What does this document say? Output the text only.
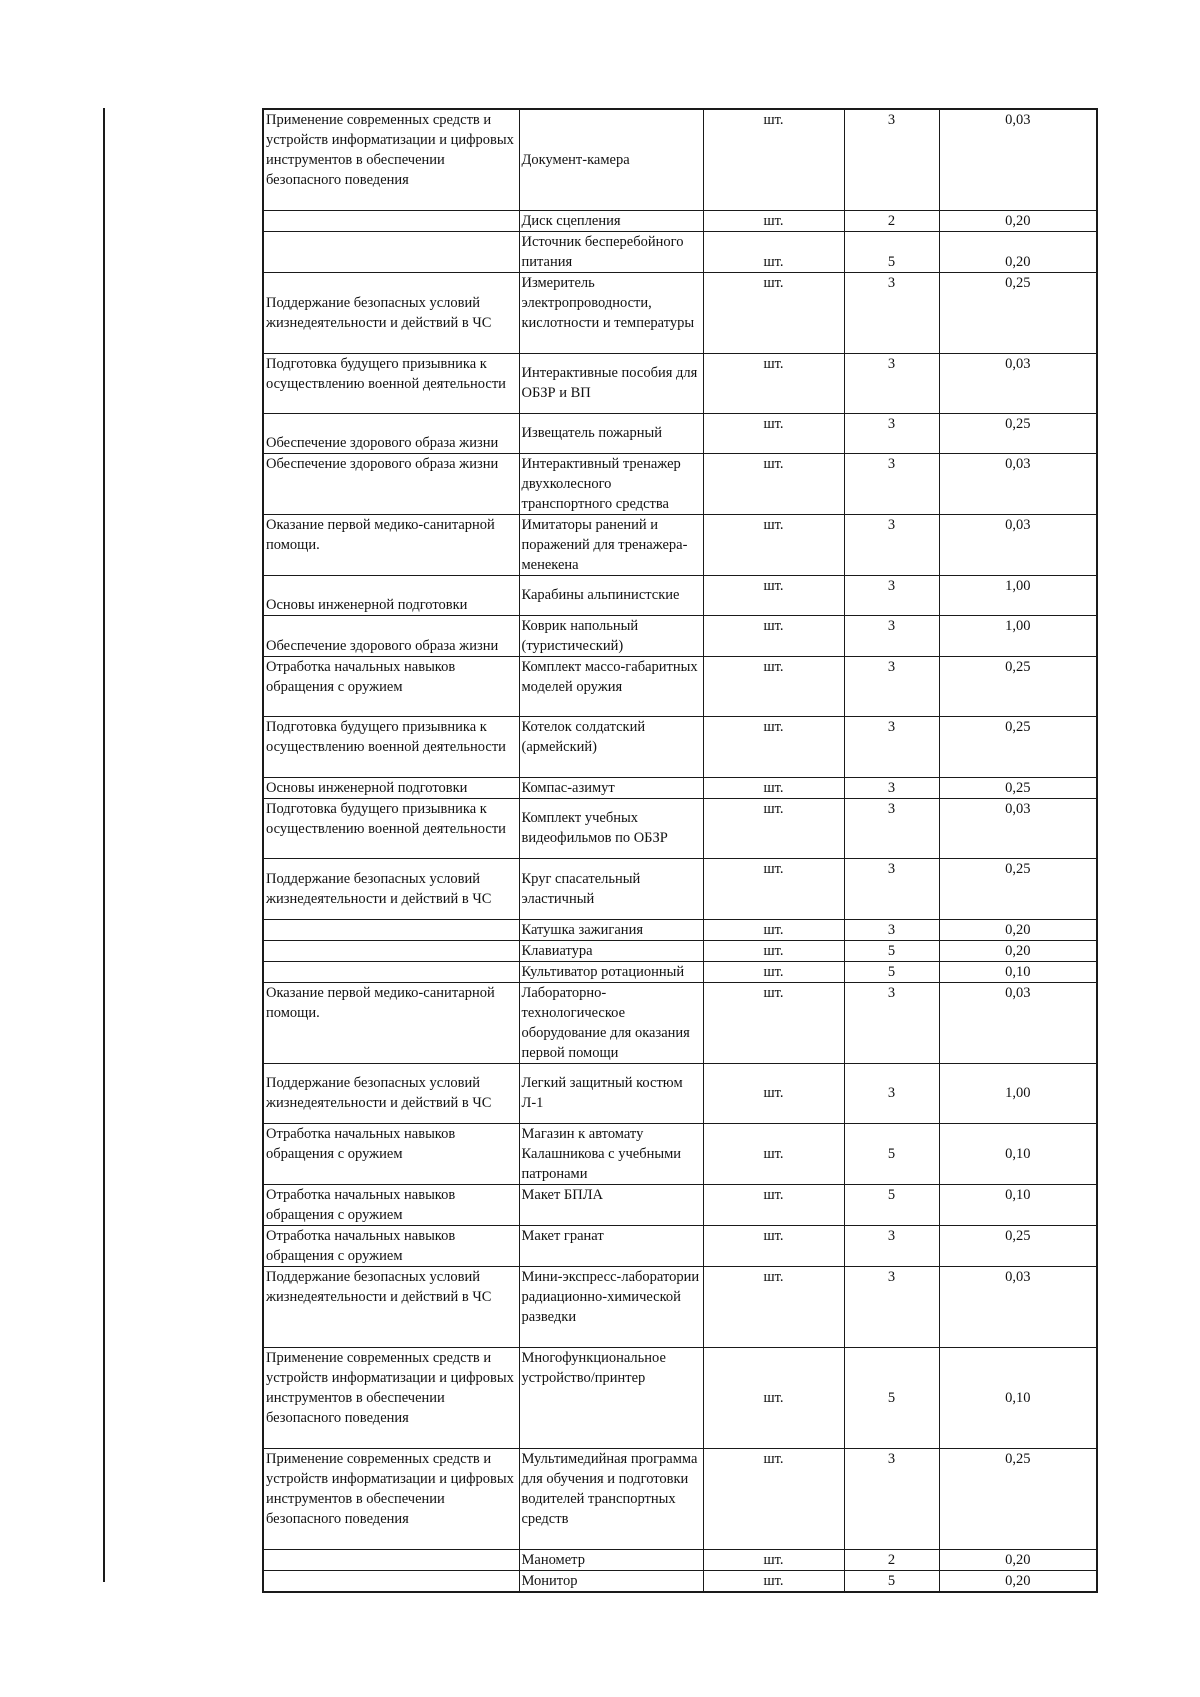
Применение современных средств и устройств информатизации и цифровых инструментов в обеспечении безопасного поведения	Документ-камера	шт.	3	0,03
	Диск сцепления	шт.	2	0,20
	Источник бесперебойного питания	шт.	5	0,20
Поддержание безопасных условий жизнедеятельности и действий в ЧС	Измеритель электропроводности, кислотности и температуры	шт.	3	0,25
Подготовка будущего призывника к осуществлению военной деятельности	Интерактивные пособия для ОБЗР и ВП	шт.	3	0,03
Обеспечение здорового образа жизни	Извещатель пожарный	шт.	3	0,25
Обеспечение здорового образа жизни	Интерактивный тренажер двухколесного транспортного средства	шт.	3	0,03
Оказание первой медико-санитарной помощи.	Имитаторы ранений и поражений для тренажера-менекена	шт.	3	0,03
Основы инженерной подготовки	Карабины альпинистские	шт.	3	1,00
Обеспечение здорового образа жизни	Коврик напольный (туристический)	шт.	3	1,00
Отработка начальных навыков обращения с оружием	Комплект массо-габаритных моделей оружия	шт.	3	0,25
Подготовка будущего призывника к осуществлению военной деятельности	Котелок солдатский (армейский)	шт.	3	0,25
Основы инженерной подготовки	Компас-азимут	шт.	3	0,25
Подготовка будущего призывника к осуществлению военной деятельности	Комплект учебных видеофильмов по ОБЗР	шт.	3	0,03
Поддержание безопасных условий жизнедеятельности и действий в ЧС	Круг спасательный эластичный	шт.	3	0,25
	Катушка зажигания	шт.	3	0,20
	Клавиатура	шт.	5	0,20
	Культиватор ротационный	шт.	5	0,10
Оказание первой медико-санитарной помощи.	Лабораторно-технологическое оборудование для оказания первой помощи	шт.	3	0,03
Поддержание безопасных условий жизнедеятельности и действий в ЧС	Легкий защитный костюм Л-1	шт.	3	1,00
Отработка начальных навыков обращения с оружием	Магазин к автомату Калашникова с учебными патронами	шт.	5	0,10
Отработка начальных навыков обращения с оружием	Макет БПЛА	шт.	5	0,10
Отработка начальных навыков обращения с оружием	Макет гранат	шт.	3	0,25
Поддержание безопасных условий жизнедеятельности и действий в ЧС	Мини-экспресс-лаборатории радиационно-химической разведки	шт.	3	0,03
Применение современных средств и устройств информатизации и цифровых инструментов в обеспечении безопасного поведения	Многофункциональное устройство/принтер	шт.	5	0,10
Применение современных средств и устройств информатизации и цифровых инструментов в обеспечении безопасного поведения	Мультимедийная программа для обучения и подготовки водителей транспортных средств	шт.	3	0,25
	Манометр	шт.	2	0,20
	Монитор	шт.	5	0,20
